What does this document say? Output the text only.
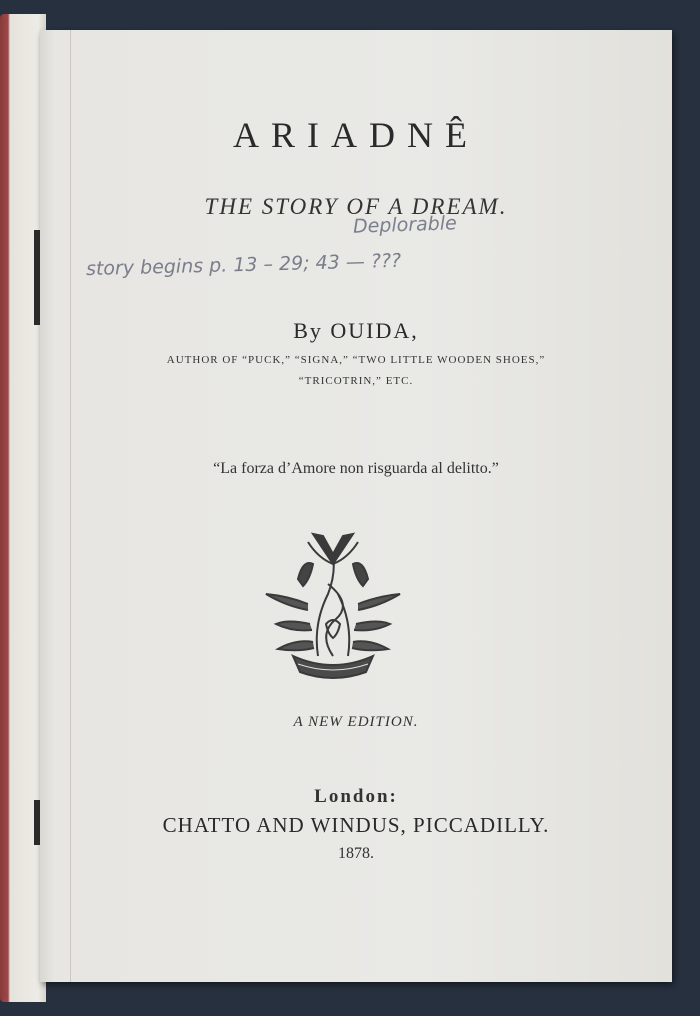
ARIADNÊ
THE STORY OF A DREAM.
Deplorable
story begins p. 13 – 29; 43 — ???
By OUIDA,
AUTHOR OF “PUCK,” “SIGNA,” “TWO LITTLE WOODEN SHOES,”
“TRICOTRIN,” ETC.
“La forza d’Amore non risguarda al delitto.”
A NEW EDITION.
London:
CHATTO AND WINDUS, PICCADILLY.
1878.
